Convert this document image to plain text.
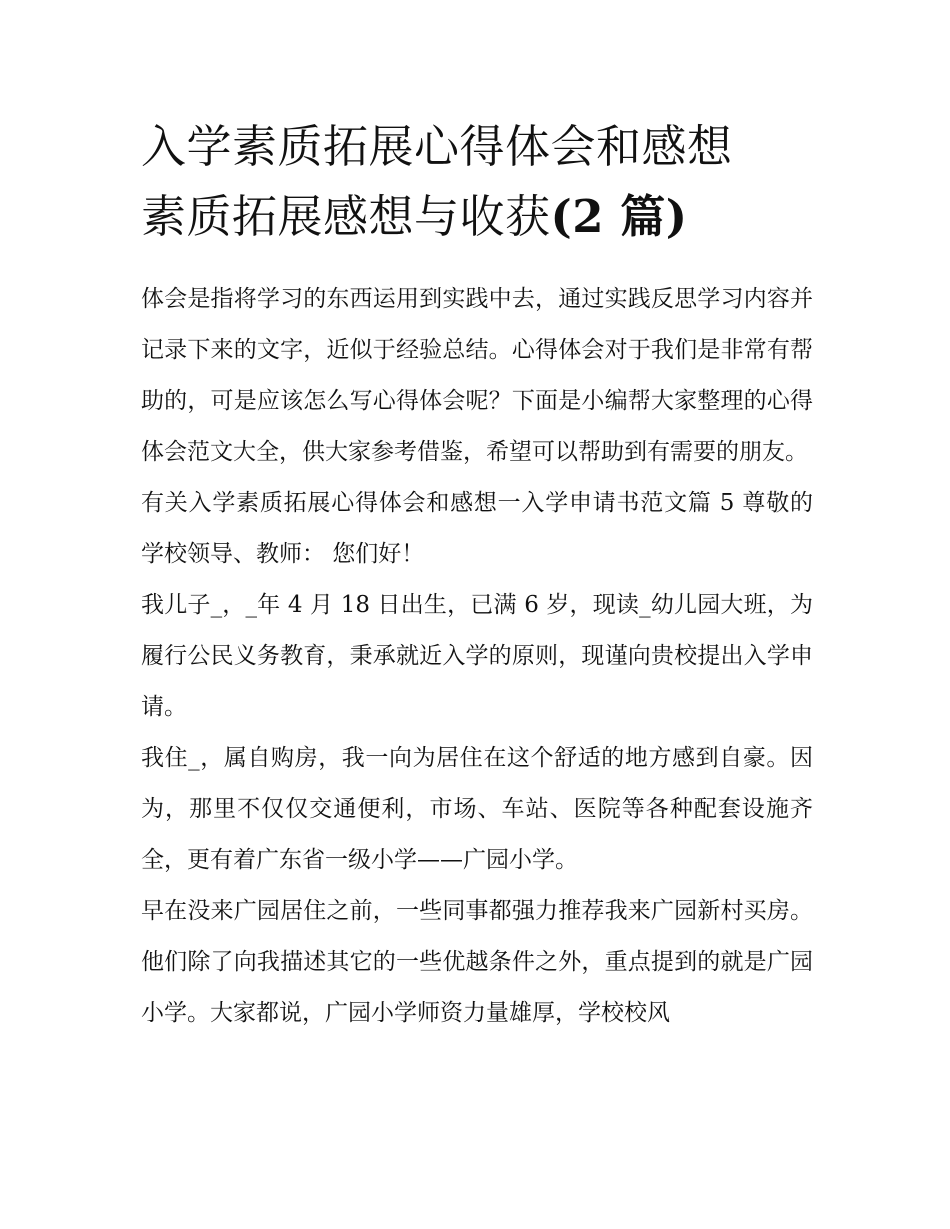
入学素质拓展心得体会和感想
素质拓展感想与收获(2 篇)

体会是指将学习的东西运用到实践中去，通过实践反思学习内容并记录下来的文字，近似于经验总结。心得体会对于我们是非常有帮助的，可是应该怎么写心得体会呢？下面是小编帮大家整理的心得体会范文大全，供大家参考借鉴，希望可以帮助到有需要的朋友。

有关入学素质拓展心得体会和感想一入学申请书范文篇 5 尊敬的学校领导、教师： 您们好！

我儿子_，_年 4 月 18 日出生，已满 6 岁，现读_幼儿园大班，为履行公民义务教育，秉承就近入学的原则，现谨向贵校提出入学申请。

我住_，属自购房，我一向为居住在这个舒适的地方感到自豪。因为，那里不仅仅交通便利，市场、车站、医院等各种配套设施齐全，更有着广东省一级小学——广园小学。

早在没来广园居住之前，一些同事都强力推荐我来广园新村买房。他们除了向我描述其它的一些优越条件之外，重点提到的就是广园小学。大家都说，广园小学师资力量雄厚，学校校风
